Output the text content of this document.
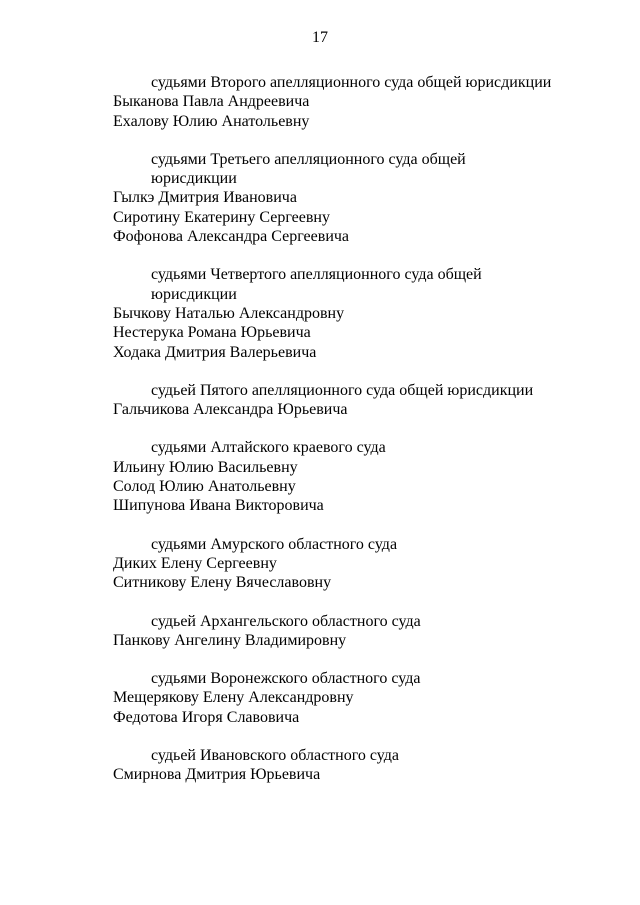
17

судьями Второго апелляционного суда общей юрисдикции

Быканова Павла Андреевича

Ехалову Юлию Анатольевну

судьями Третьего апелляционного суда общей

юрисдикции

Гылкэ Дмитрия Ивановича

Сиротину Екатерину Сергеевну

Фофонова Александра Сергеевича

судьями Четвертого апелляционного суда общей

юрисдикции

Бычкову Наталью Александровну

Нестерука Романа Юрьевича

Ходака Дмитрия Валерьевича

судьей Пятого апелляционного суда общей юрисдикции

Гальчикова Александра Юрьевича

судьями Алтайского краевого суда

Ильину Юлию Васильевну

Солод Юлию Анатольевну

Шипунова Ивана Викторовича

судьями Амурского областного суда

Диких Елену Сергеевну

Ситникову Елену Вячеславовну

судьей Архангельского областного суда

Панкову Ангелину Владимировну

судьями Воронежского областного суда

Мещерякову Елену Александровну

Федотова Игоря Славовича

судьей Ивановского областного суда

Смирнова Дмитрия Юрьевича
